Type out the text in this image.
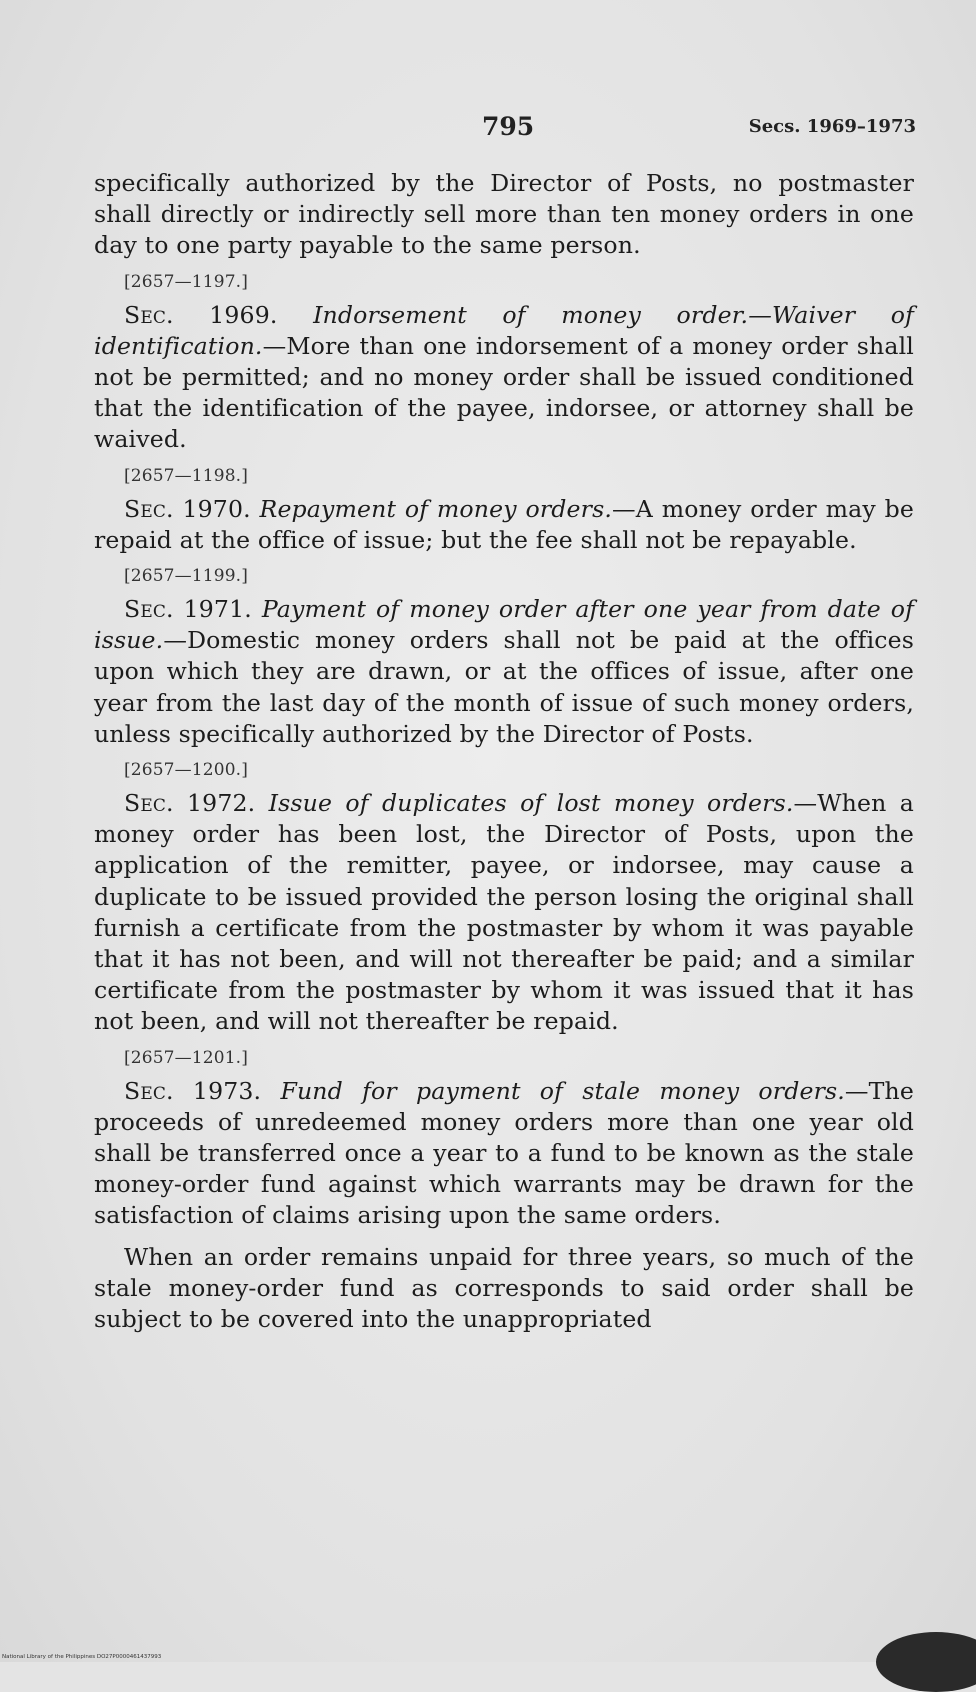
795	Secs. 1969–1973

specifically authorized by the Director of Posts, no postmaster shall directly or indirectly sell more than ten money orders in one day to one party payable to the same person.

[2657—1197.]

Sec. 1969. Indorsement of money order.—Waiver of identification.—More than one indorsement of a money order shall not be permitted; and no money order shall be issued conditioned that the identification of the payee, indorsee, or attorney shall be waived.

[2657—1198.]

Sec. 1970. Repayment of money orders.—A money order may be repaid at the office of issue; but the fee shall not be repayable.

[2657—1199.]

Sec. 1971. Payment of money order after one year from date of issue.—Domestic money orders shall not be paid at the offices upon which they are drawn, or at the offices of issue, after one year from the last day of the month of issue of such money orders, unless specifically authorized by the Director of Posts.

[2657—1200.]

Sec. 1972. Issue of duplicates of lost money orders.—When a money order has been lost, the Director of Posts, upon the application of the remitter, payee, or indorsee, may cause a duplicate to be issued provided the person losing the original shall furnish a certificate from the postmaster by whom it was payable that it has not been, and will not thereafter be paid; and a similar certificate from the postmaster by whom it was issued that it has not been, and will not thereafter be repaid.

[2657—1201.]

Sec. 1973. Fund for payment of stale money orders.—The proceeds of unredeemed money orders more than one year old shall be transferred once a year to a fund to be known as the stale money-order fund against which warrants may be drawn for the satisfaction of claims arising upon the same orders.

When an order remains unpaid for three years, so much of the stale money-order fund as corresponds to said order shall be subject to be covered into the unappropriated

National Library of the Philippines DO27P0000461437993
